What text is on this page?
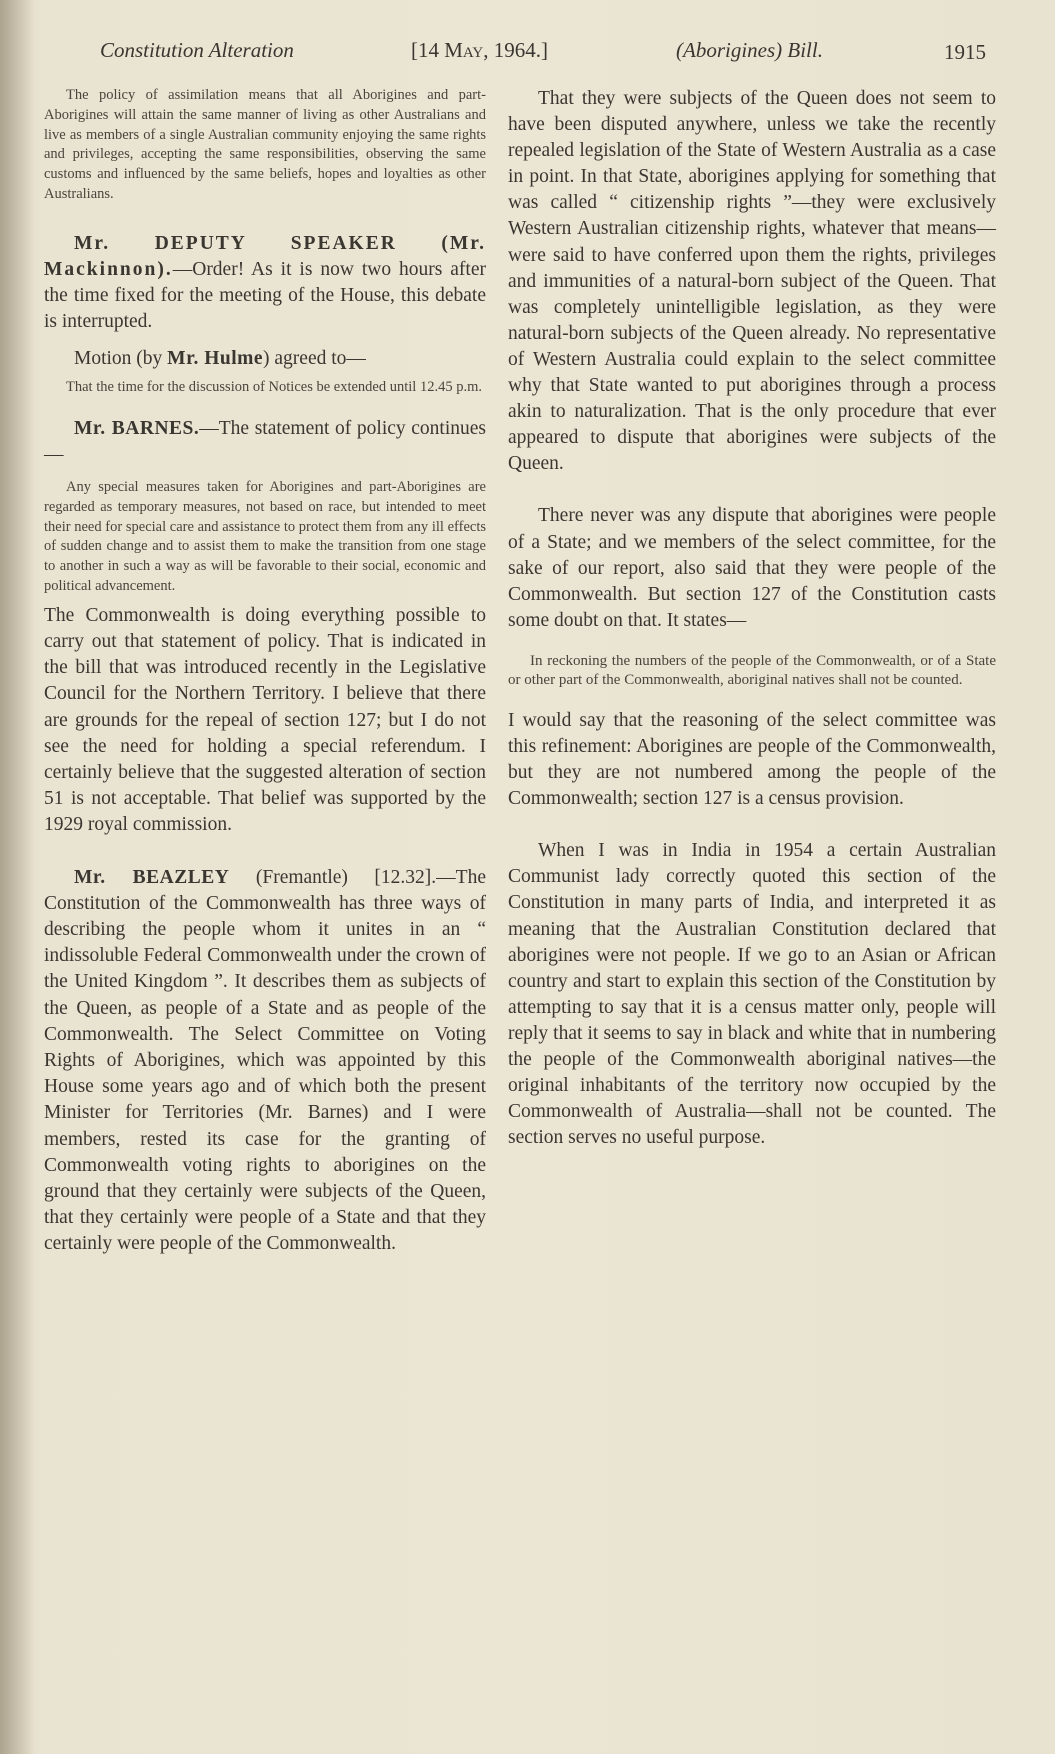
Constitution Alteration	[14 May, 1964.]	(Aborigines) Bill.	1915

The policy of assimilation means that all Aborigines and part-Aborigines will attain the same manner of living as other Australians and live as members of a single Australian community enjoying the same rights and privileges, accepting the same responsibilities, observing the same customs and influenced by the same beliefs, hopes and loyalties as other Australians.

Mr. DEPUTY SPEAKER (Mr. Mackinnon).—Order! As it is now two hours after the time fixed for the meeting of the House, this debate is interrupted.

Motion (by Mr. Hulme) agreed to—

That the time for the discussion of Notices be extended until 12.45 p.m.

Mr. BARNES.—The statement of policy continues—

Any special measures taken for Aborigines and part-Aborigines are regarded as temporary measures, not based on race, but intended to meet their need for special care and assistance to protect them from any ill effects of sudden change and to assist them to make the transition from one stage to another in such a way as will be favorable to their social, economic and political advancement.

The Commonwealth is doing everything possible to carry out that statement of policy. That is indicated in the bill that was introduced recently in the Legislative Council for the Northern Territory. I believe that there are grounds for the repeal of section 127; but I do not see the need for holding a special referendum. I certainly believe that the suggested alteration of section 51 is not acceptable. That belief was supported by the 1929 royal commission.

Mr. BEAZLEY (Fremantle) [12.32].—The Constitution of the Commonwealth has three ways of describing the people whom it unites in an “ indissoluble Federal Commonwealth under the crown of the United Kingdom ”. It describes them as subjects of the Queen, as people of a State and as people of the Commonwealth. The Select Committee on Voting Rights of Aborigines, which was appointed by this House some years ago and of which both the present Minister for Territories (Mr. Barnes) and I were members, rested its case for the granting of Commonwealth voting rights to aborigines on the ground that they certainly were subjects of the Queen, that they certainly were people of a State and that they certainly were people of the Commonwealth.

That they were subjects of the Queen does not seem to have been disputed anywhere, unless we take the recently repealed legislation of the State of Western Australia as a case in point. In that State, aborigines applying for something that was called “ citizenship rights ”—they were exclusively Western Australian citizenship rights, whatever that means—were said to have conferred upon them the rights, privileges and immunities of a natural-born subject of the Queen. That was completely unintelligible legislation, as they were natural-born subjects of the Queen already. No representative of Western Australia could explain to the select committee why that State wanted to put aborigines through a process akin to naturalization. That is the only procedure that ever appeared to dispute that aborigines were subjects of the Queen.

There never was any dispute that aborigines were people of a State; and we members of the select committee, for the sake of our report, also said that they were people of the Commonwealth. But section 127 of the Constitution casts some doubt on that. It states—

In reckoning the numbers of the people of the Commonwealth, or of a State or other part of the Commonwealth, aboriginal natives shall not be counted.

I would say that the reasoning of the select committee was this refinement: Aborigines are people of the Commonwealth, but they are not numbered among the people of the Commonwealth; section 127 is a census provision.

When I was in India in 1954 a certain Australian Communist lady correctly quoted this section of the Constitution in many parts of India, and interpreted it as meaning that the Australian Constitution declared that aborigines were not people. If we go to an Asian or African country and start to explain this section of the Constitution by attempting to say that it is a census matter only, people will reply that it seems to say in black and white that in numbering the people of the Commonwealth aboriginal natives—the original inhabitants of the territory now occupied by the Commonwealth of Australia—shall not be counted. The section serves no useful purpose.
